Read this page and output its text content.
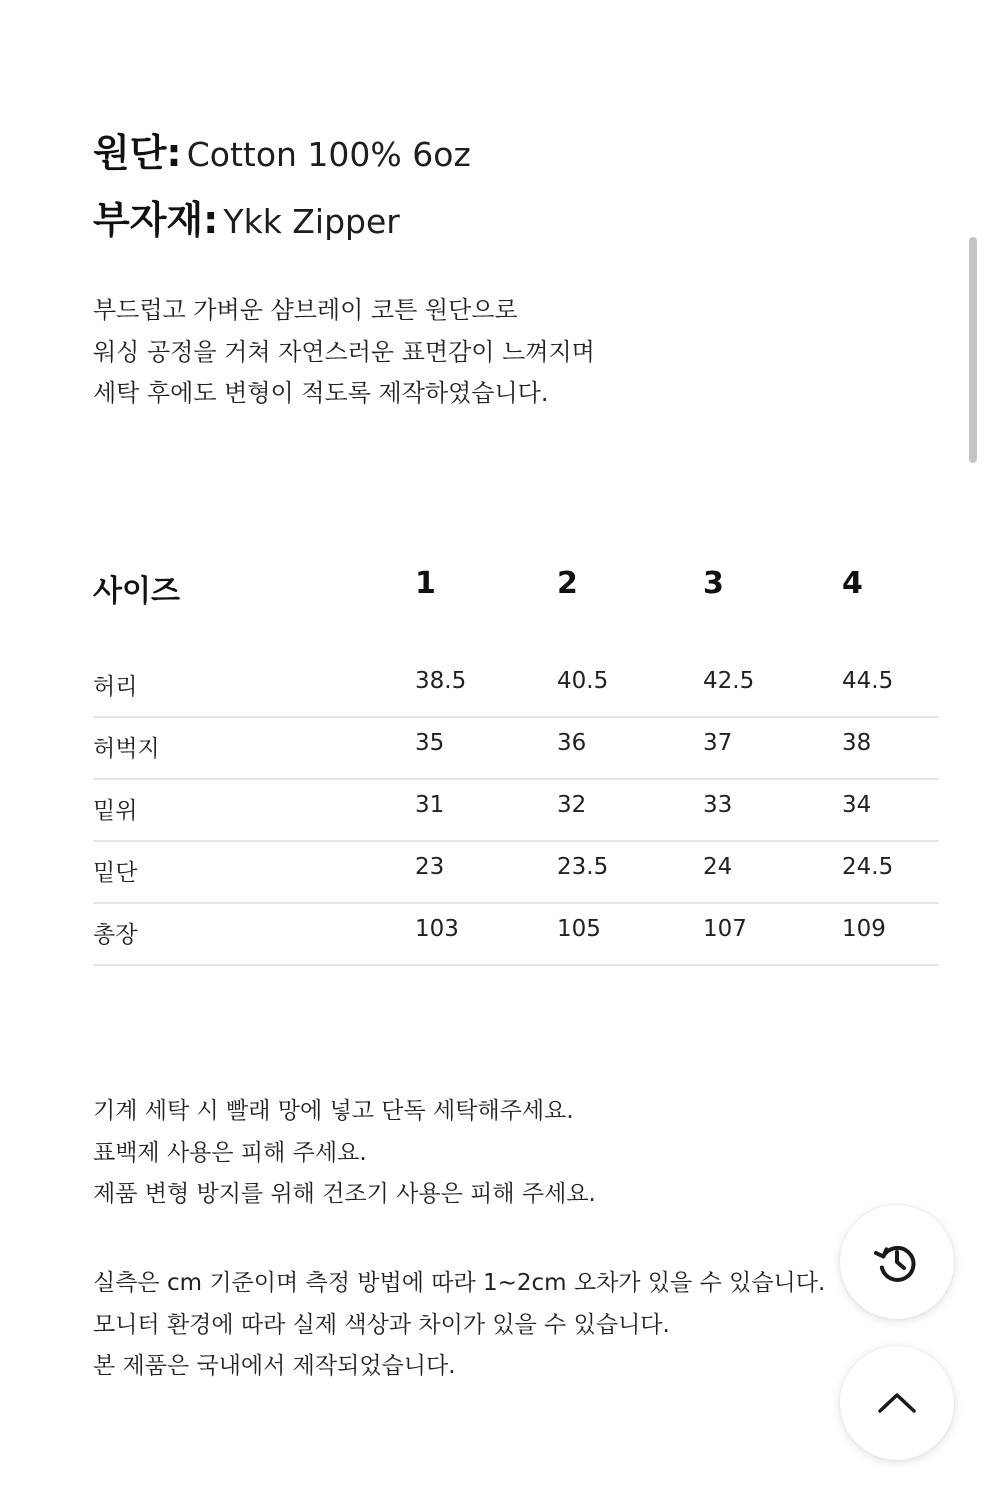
원단: Cotton 100% 6oz
부자재: Ykk Zipper
부드럽고 가벼운 샴브레이 코튼 원단으로
워싱 공정을 거쳐 자연스러운 표면감이 느껴지며
세탁 후에도 변형이 적도록 제작하였습니다.
사이즈	1	2	3	4
허리	38.5	40.5	42.5	44.5
허벅지	35	36	37	38
밑위	31	32	33	34
밑단	23	23.5	24	24.5
총장	103	105	107	109
기계 세탁 시 빨래 망에 넣고 단독 세탁해주세요.
표백제 사용은 피해 주세요.
제품 변형 방지를 위해 건조기 사용은 피해 주세요.
실측은 cm 기준이며 측정 방법에 따라 1~2cm 오차가 있을 수 있습니다.
모니터 환경에 따라 실제 색상과 차이가 있을 수 있습니다.
본 제품은 국내에서 제작되었습니다.
